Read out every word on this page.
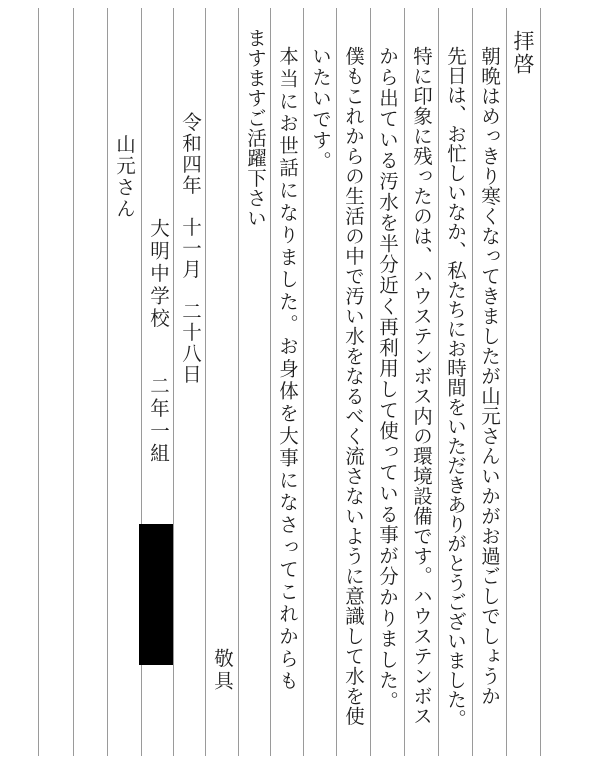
拝啓
朝晩はめっきり寒くなってきましたが山元さんいかがお過ごしでしょうか
先日は、お忙しいなか、私たちにお時間をいただきありがとうございました。
特に印象に残ったのは、ハウステンボス内の環境設備です。ハウステンボス
から出ている汚水を半分近く再利用して使っている事が分かりました。
僕もこれからの生活の中で汚い水をなるべく流さないように意識して水を使
いたいです。
本当にお世話になりました。お身体を大事になさってこれからも
ますますご活躍下さい
敬具
令和四年　十一月　二十八日
大明中学校　　二年一組
山元さん
